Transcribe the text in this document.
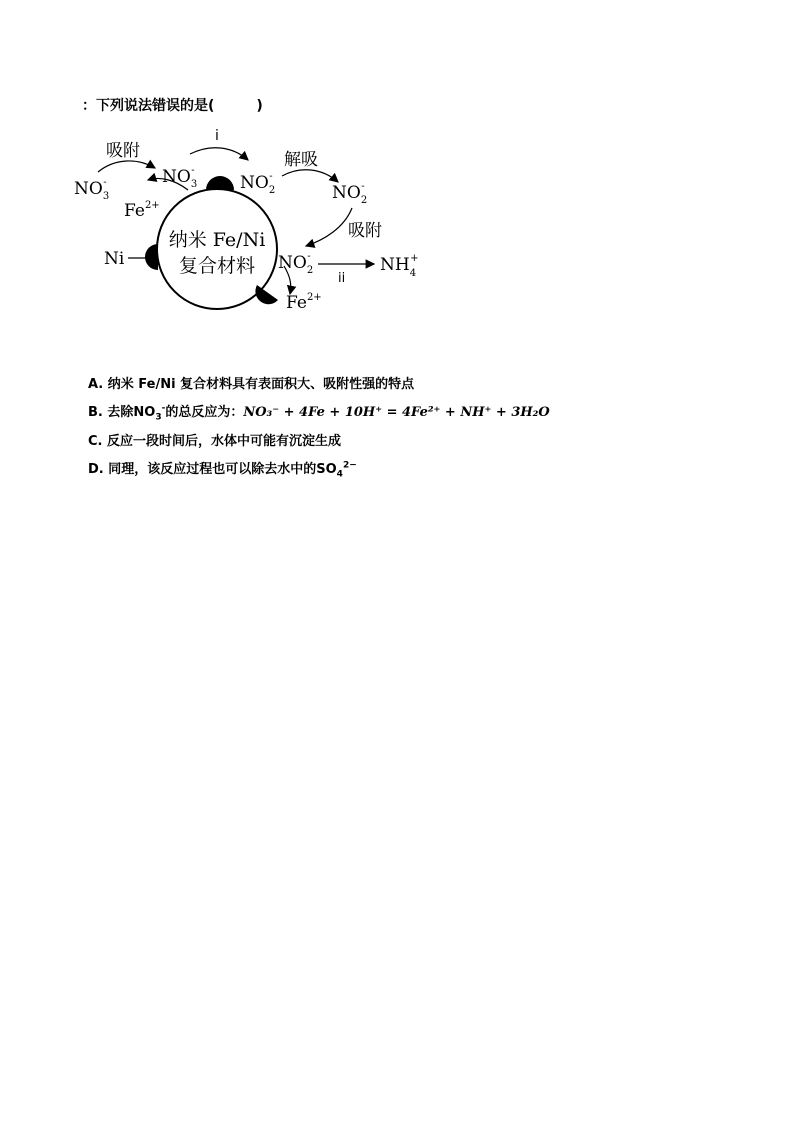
：下列说法错误的是(　　　)
吸附
i
解吸
吸附
ii
$NO_3-$	$NO_3-$
$NO_2-$
$NO_2-$
$NO_2-$	$NH_4+$
$Fe^{2+}$
$Fe^{2+}$
Ni
纳米 Fe/Ni
复合材料
A. 纳米 Fe/Ni 复合材料具有表面积大、吸附性强的特点
B. 去除$NO_3^-$的总反应为：NO₃⁻ + 4Fe + 10H⁺ = 4Fe²⁺ + NH⁺ + 3H₂O
C. 反应一段时间后，水体中可能有沉淀生成
D. 同理，该反应过程也可以除去水中的$SO_4^{2-}$
